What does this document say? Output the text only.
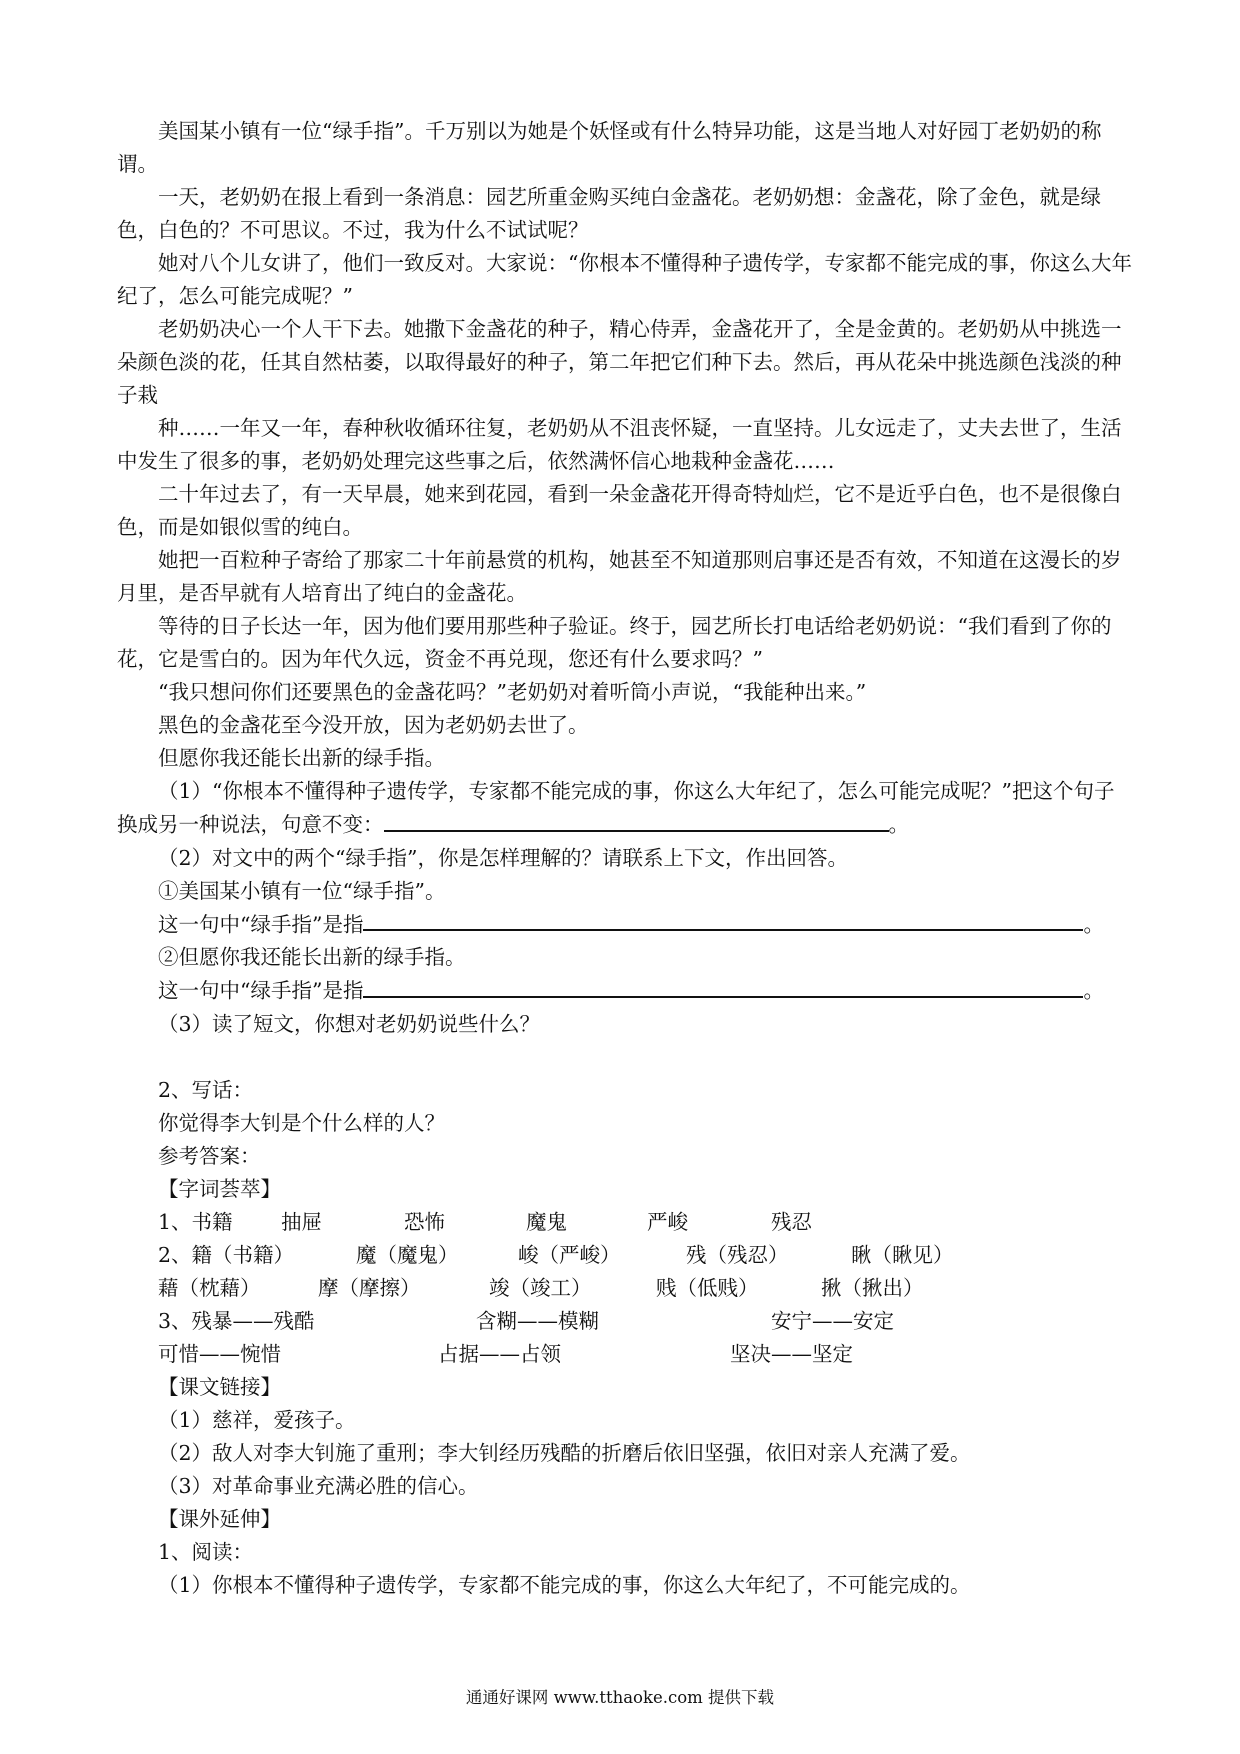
美国某小镇有一位“绿手指”。千万别以为她是个妖怪或有什么特异功能，这是当地人对好园丁老奶奶的称谓。

一天，老奶奶在报上看到一条消息：园艺所重金购买纯白金盏花。老奶奶想：金盏花，除了金色，就是绿色，白色的？不可思议。不过，我为什么不试试呢？

她对八个儿女讲了，他们一致反对。大家说：“你根本不懂得种子遗传学，专家都不能完成的事，你这么大年纪了，怎么可能完成呢？”

老奶奶决心一个人干下去。她撒下金盏花的种子，精心侍弄，金盏花开了，全是金黄的。老奶奶从中挑选一朵颜色淡的花，任其自然枯萎，以取得最好的种子，第二年把它们种下去。然后，再从花朵中挑选颜色浅淡的种子栽

种……一年又一年，春种秋收循环往复，老奶奶从不沮丧怀疑，一直坚持。儿女远走了，丈夫去世了，生活中发生了很多的事，老奶奶处理完这些事之后，依然满怀信心地栽种金盏花……

二十年过去了，有一天早晨，她来到花园，看到一朵金盏花开得奇特灿烂，它不是近乎白色，也不是很像白色，而是如银似雪的纯白。

她把一百粒种子寄给了那家二十年前悬赏的机构，她甚至不知道那则启事还是否有效，不知道在这漫长的岁月里，是否早就有人培育出了纯白的金盏花。

等待的日子长达一年，因为他们要用那些种子验证。终于，园艺所长打电话给老奶奶说：“我们看到了你的花，它是雪白的。因为年代久远，资金不再兑现，您还有什么要求吗？”

“我只想问你们还要黑色的金盏花吗？”老奶奶对着听筒小声说，“我能种出来。”

黑色的金盏花至今没开放，因为老奶奶去世了。

但愿你我还能长出新的绿手指。

（1）“你根本不懂得种子遗传学，专家都不能完成的事，你这么大年纪了，怎么可能完成呢？”把这个句子换成另一种说法，句意不变：	。

（2）对文中的两个“绿手指”，你是怎样理解的？请联系上下文，作出回答。

①美国某小镇有一位“绿手指”。

这一句中“绿手指”是指	。

②但愿你我还能长出新的绿手指。

这一句中“绿手指”是指	。

（3）读了短文，你想对老奶奶说些什么？

2、写话：

你觉得李大钊是个什么样的人？

参考答案：

【字词荟萃】

1、书籍	抽屉	恐怖	魔鬼	严峻	残忍
2、籍（书籍）	魔（魔鬼）	峻（严峻）	残（残忍）	瞅（瞅见）
藉（枕藉）	摩（摩擦）	竣（竣工）	贱（低贱）	揪（揪出）
3、残暴——残酷	含糊——模糊	安宁——安定
可惜——惋惜	占据——占领	坚决——坚定

【课文链接】

（1）慈祥，爱孩子。

（2）敌人对李大钊施了重刑；李大钊经历残酷的折磨后依旧坚强，依旧对亲人充满了爱。

（3）对革命事业充满必胜的信心。

【课外延伸】

1、阅读：

（1）你根本不懂得种子遗传学，专家都不能完成的事，你这么大年纪了，不可能完成的。

通通好课网 www.tthaoke.com 提供下载
